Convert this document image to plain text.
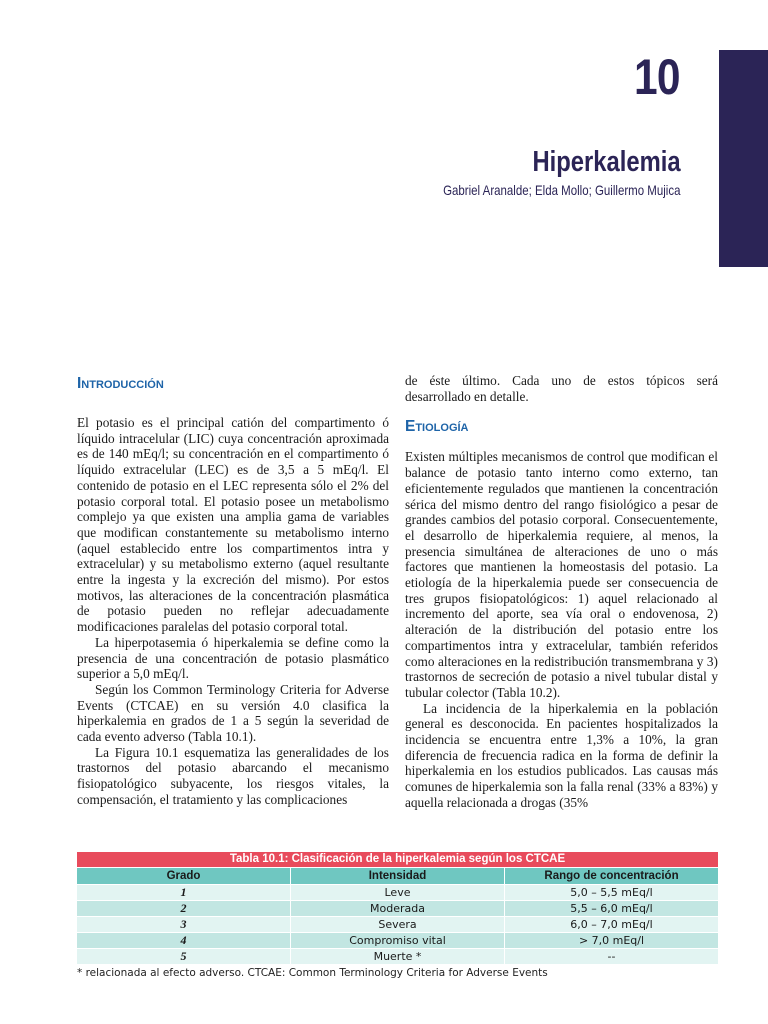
10
Hiperkalemia
Gabriel Aranalde; Elda Mollo; Guillermo Mujica
Introducción

El potasio es el principal catión del compartimento ó líquido intracelular (LIC) cuya concentración aproximada es de 140 mEq/l; su concentración en el compartimento ó líquido extracelular (LEC) es de 3,5 a 5 mEq/l. El contenido de potasio en el LEC representa sólo el 2% del potasio corporal total. El potasio posee un metabolismo complejo ya que existen una amplia gama de variables que modifican constantemente su metabolismo interno (aquel establecido entre los compartimentos intra y extracelular) y su metabolismo externo (aquel resultante entre la ingesta y la excreción del mismo). Por estos motivos, las alteraciones de la concentración plasmática de potasio pueden no reflejar adecuadamente modificaciones paralelas del potasio corporal total.

La hiperpotasemia ó hiperkalemia se define como la presencia de una concentración de potasio plasmático superior a 5,0 mEq/l.

Según los Common Terminology Criteria for Adverse Events (CTCAE) en su versión 4.0 clasifica la hiperkalemia en grados de 1 a 5 según la severidad de cada evento adverso (Tabla 10.1).

La Figura 10.1 esquematiza las generalidades de los trastornos del potasio abarcando el mecanismo fisiopatológico subyacente, los riesgos vitales, la compensación, el tratamiento y las complicaciones

de éste último. Cada uno de estos tópicos será desarrollado en detalle.

Etiología

Existen múltiples mecanismos de control que modifican el balance de potasio tanto interno como externo, tan eficientemente regulados que mantienen la concentración sérica del mismo dentro del rango fisiológico a pesar de grandes cambios del potasio corporal. Consecuentemente, el desarrollo de hiperkalemia requiere, al menos, la presencia simultánea de alteraciones de uno o más factores que mantienen la homeostasis del potasio. La etiología de la hiperkalemia puede ser consecuencia de tres grupos fisiopatológicos: 1) aquel relacionado al incremento del aporte, sea vía oral o endovenosa, 2) alteración de la distribución del potasio entre los compartimentos intra y extracelular, también referidos como alteraciones en la redistribución transmembrana y 3) trastornos de secreción de potasio a nivel tubular distal y tubular colector (Tabla 10.2).

La incidencia de la hiperkalemia en la población general es desconocida. En pacientes hospitalizados la incidencia se encuentra entre 1,3% a 10%, la gran diferencia de frecuencia radica en la forma de definir la hiperkalemia en los estudios publicados. Las causas más comunes de hiperkalemia son la falla renal (33% a 83%) y aquella relacionada a drogas (35%

Tabla 10.1: Clasificación de la hiperkalemia según los CTCAE
Grado	Intensidad	Rango de concentración
1	Leve	5,0 – 5,5 mEq/l
2	Moderada	5,5 – 6,0 mEq/l
3	Severa	6,0 – 7,0 mEq/l
4	Compromiso vital	> 7,0 mEq/l
5	Muerte *	--
* relacionada al efecto adverso. CTCAE: Common Terminology Criteria for Adverse Events
